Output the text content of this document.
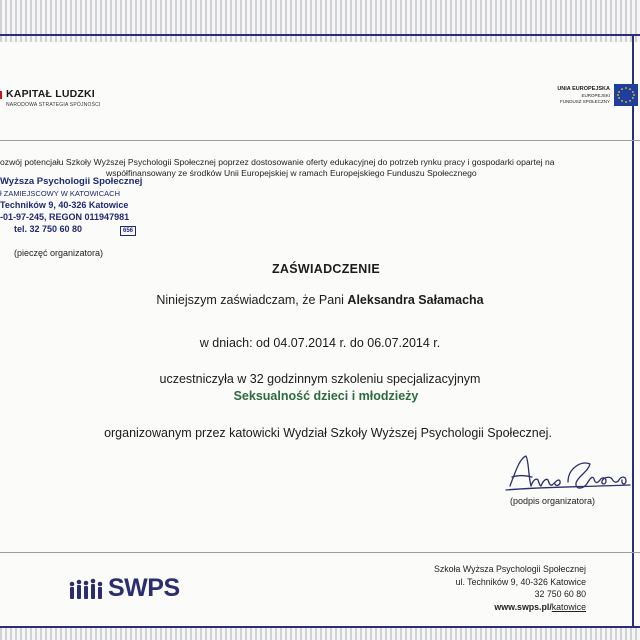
KAPITAŁ LUDZKI
NARODOWA STRATEGIA SPÓJNOŚCI
UNIA EUROPEJSKA
EUROPEJSKI
FUNDUSZ SPOŁECZNY
ozwój potencjału Szkoły Wyższej Psychologii Społecznej poprzez dostosowanie oferty edukacyjnej do potrzeb rynku pracy i gospodarki opartej na
współfinansowany ze środków Unii Europejskiej w ramach Europejskiego Funduszu Społecznego
Wyższa Psychologii Społecznej
ł ZAMIEJSCOWY W KATOWICACH
Techników 9, 40-326 Katowice
-01-97-245, REGON 011947981
tel. 32 750 60 80	656
(pieczęć organizatora)
ZAŚWIADCZENIE
Niniejszym zaświadczam, że Pani Aleksandra Sałamacha
w dniach: od 04.07.2014 r. do 06.07.2014 r.
uczestniczyła w 32 godzinnym szkoleniu specjalizacyjnym
Seksualność dzieci i młodzieży
organizowanym przez katowicki Wydział Szkoły Wyższej Psychologii Społecznej.
(podpis organizatora)
SWPS
Szkoła Wyższa Psychologii Społecznej
ul. Techników 9, 40-326 Katowice
32 750 60 80
www.swps.pl/katowice
